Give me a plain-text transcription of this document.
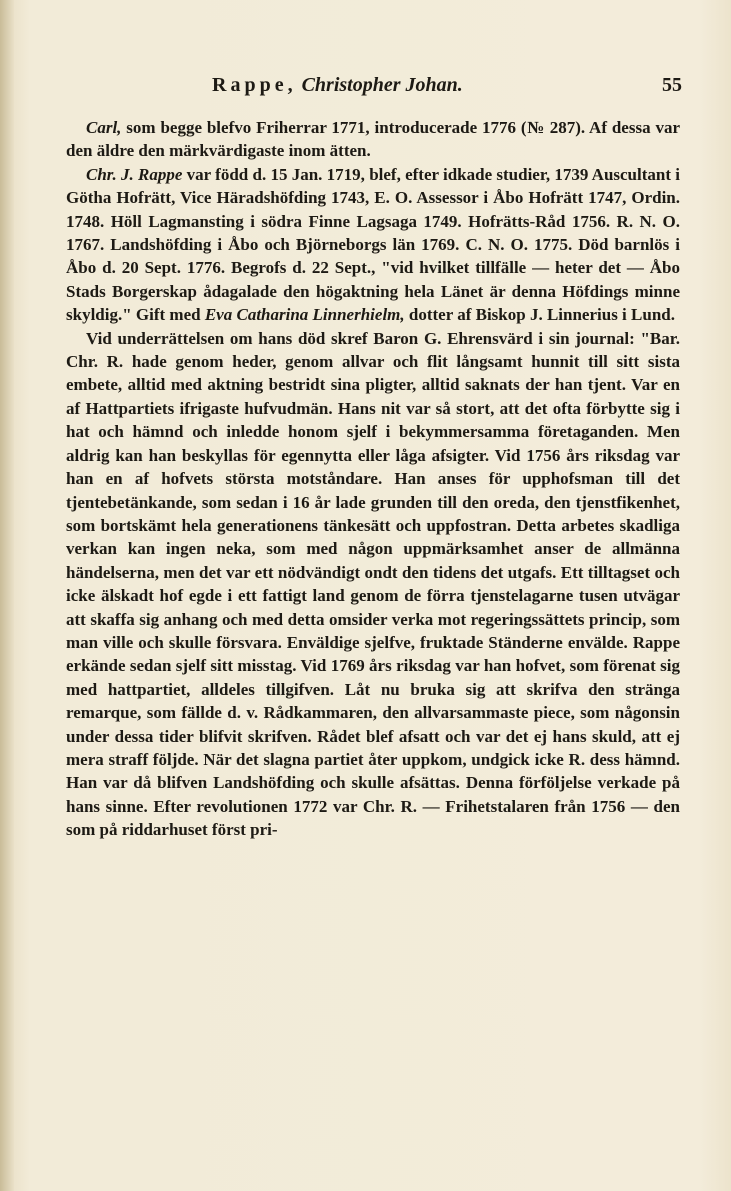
Rappe, Christopher Johan.	55

Carl, som begge blefvo Friherrar 1771, introducerade 1776 (№ 287). Af dessa var den äldre den märkvärdigaste inom ätten.

Chr. J. Rappe var född d. 15 Jan. 1719, blef, efter idkade studier, 1739 Auscultant i Götha Hofrätt, Vice Häradshöfding 1743, E. O. Assessor i Åbo Hofrätt 1747, Ordin. 1748. Höll Lagmansting i södra Finne Lagsaga 1749. Hofrätts-Råd 1756. R. N. O. 1767. Landshöfding i Åbo och Björneborgs län 1769. C. N. O. 1775. Död barnlös i Åbo d. 20 Sept. 1776. Begrofs d. 22 Sept., "vid hvilket tillfälle — heter det — Åbo Stads Borgerskap ådagalade den högaktning hela Länet är denna Höfdings minne skyldig." Gift med Eva Catharina Linnerhielm, dotter af Biskop J. Linnerius i Lund.

Vid underrättelsen om hans död skref Baron G. Ehrensvärd i sin journal: "Bar. Chr. R. hade genom heder, genom allvar och flit långsamt hunnit till sitt sista embete, alltid med aktning bestridt sina pligter, alltid saknats der han tjent. Var en af Hattpartiets ifrigaste hufvudmän. Hans nit var så stort, att det ofta förbytte sig i hat och hämnd och inledde honom sjelf i bekymmersamma företaganden. Men aldrig kan han beskyllas för egennytta eller låga afsigter. Vid 1756 års riksdag var han en af hofvets största motståndare. Han anses för upphofsman till det tjentebetänkande, som sedan i 16 år lade grunden till den oreda, den tjenstfikenhet, som bortskämt hela generationens tänkesätt och uppfostran. Detta arbetes skadliga verkan kan ingen neka, som med någon uppmärksamhet anser de allmänna händelserna, men det var ett nödvändigt ondt den tidens det utgafs. Ett tilltagset och icke älskadt hof egde i ett fattigt land genom de förra tjenstelagarne tusen utvägar att skaffa sig anhang och med detta omsider verka mot regeringssättets princip, som man ville och skulle försvara. Enväldige sjelfve, fruktade Ständerne envälde. Rappe erkände sedan sjelf sitt misstag. Vid 1769 års riksdag var han hofvet, som förenat sig med hattpartiet, alldeles tillgifven. Låt nu bruka sig att skrifva den stränga remarque, som fällde d. v. Rådkammaren, den allvarsammaste piece, som någonsin under dessa tider blifvit skrifven. Rådet blef afsatt och var det ej hans skuld, att ej mera straff följde. När det slagna partiet åter uppkom, undgick icke R. dess hämnd. Han var då blifven Landshöfding och skulle afsättas. Denna förföljelse verkade på hans sinne. Efter revolutionen 1772 var Chr. R. — Frihetstalaren från 1756 — den som på riddarhuset först pri-
